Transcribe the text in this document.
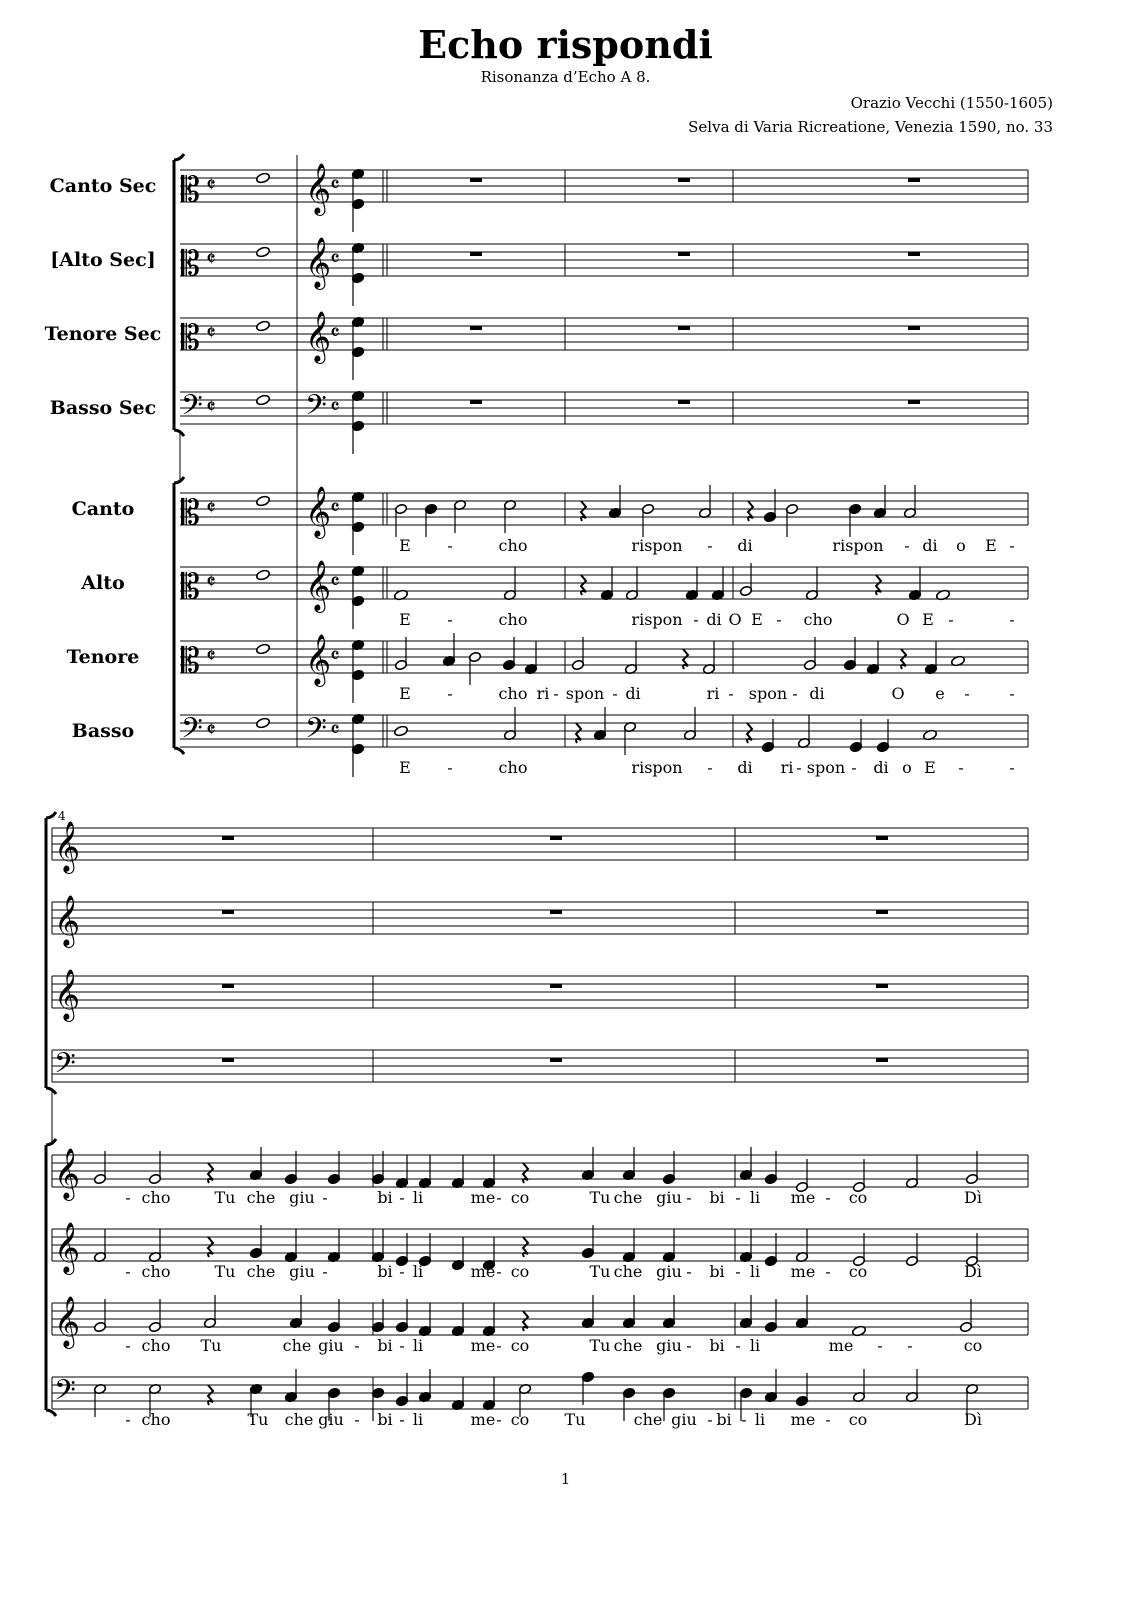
Echo rispondi
Risonanza d’Echo A 8.
Orazio Vecchi (1550-1605)
Selva di Varia Ricreatione, Venezia 1590, no. 33
Canto Sec 𝄡 𝄵 𝄞
𝄴
[Alto Sec] 𝄡 𝄵 𝄞
𝄴
Tenore Sec 𝄡 𝄵 𝄞
𝄴
Basso Sec 𝄢 𝄵	𝄢 𝄴
Canto 𝄡 𝄵 𝄞
𝄴
Alto 𝄡 𝄵 𝄞
𝄴
Tenore 𝄡 𝄵 𝄞
𝄴
Basso 𝄢 𝄵	𝄢 𝄴
E -	cho	rispon - di	rispon - di o E -
E -	cho	rispon - di O E - cho	O E -	-
E -	cho ri - spon - di	ri - spon - di	O e - -
E -	cho	rispon - di ri - spon - di o E -	-
4
𝄞
𝄞
𝄞
𝄢
𝄞
𝄞
𝄞
𝄢
- cho	Tu che giu -	bi - li	me - co	Tu che giu - bi - li me - co	Dì
- cho	Tu che giu -	bi - li	me - co	Tu che giu - bi - li me - co	Dì
- cho Tu	che giu - bi - li	me - co	Tu che giu - bi - li	me - -	co
- cho	Tu che giu - bi - li	me - co Tu	che giu - bi - li me - co	Dì
1
